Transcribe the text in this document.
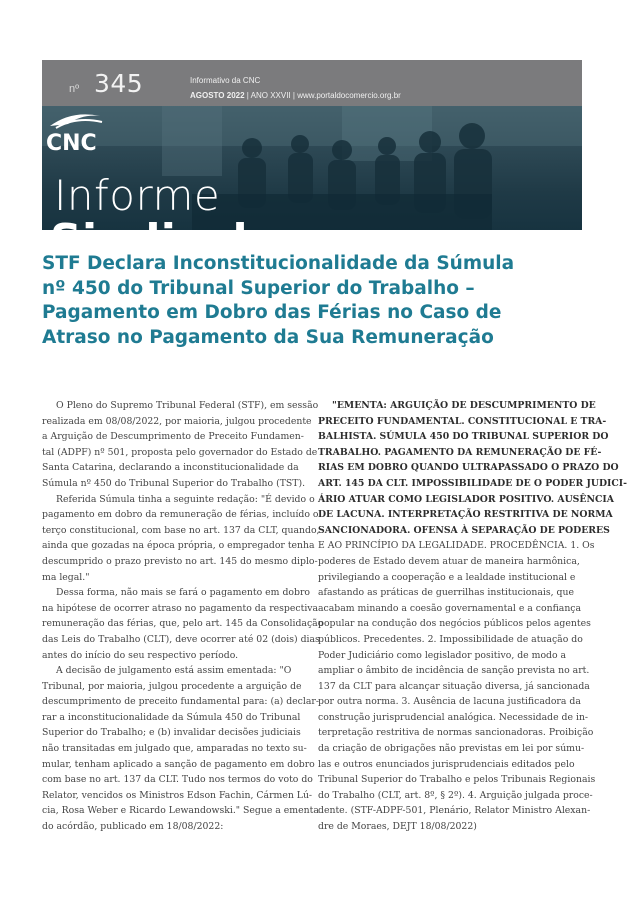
nº 345	Informativo da CNC
AGOSTO 2022 | ANO XXVII | www.portaldocomercio.org.br
Informe
Sindical
CNC
Sesc Senac
STF Declara Inconstitucionalidade da Súmula
nº 450 do Tribunal Superior do Trabalho –
Pagamento em Dobro das Férias no Caso de
Atraso no Pagamento da Sua Remuneração
O Pleno do Supremo Tribunal Federal (STF), em sessão
realizada em 08/08/2022, por maioria, julgou procedente
a Arguição de Descumprimento de Preceito Fundamen-
tal (ADPF) nº 501, proposta pelo governador do Estado de
Santa Catarina, declarando a inconstitucionalidade da
Súmula nº 450 do Tribunal Superior do Trabalho (TST).
Referida Súmula tinha a seguinte redação: "É devido o
pagamento em dobro da remuneração de férias, incluído o
terço constitucional, com base no art. 137 da CLT, quando,
ainda que gozadas na época própria, o empregador tenha
descumprido o prazo previsto no art. 145 do mesmo diplo-
ma legal."
Dessa forma, não mais se fará o pagamento em dobro
na hipótese de ocorrer atraso no pagamento da respectiva
remuneração das férias, que, pelo art. 145 da Consolidação
das Leis do Trabalho (CLT), deve ocorrer até 02 (dois) dias
antes do início do seu respectivo período.
A decisão de julgamento está assim ementada: "O
Tribunal, por maioria, julgou procedente a arguição de
descumprimento de preceito fundamental para: (a) declar-
rar a inconstitucionalidade da Súmula 450 do Tribunal
Superior do Trabalho; e (b) invalidar decisões judiciais
não transitadas em julgado que, amparadas no texto su-
mular, tenham aplicado a sanção de pagamento em dobro
com base no art. 137 da CLT. Tudo nos termos do voto do
Relator, vencidos os Ministros Edson Fachin, Cármen Lú-
cia, Rosa Weber e Ricardo Lewandowski." Segue a ementa
do acórdão, publicado em 18/08/2022:
"EMENTA: ARGUIÇÃO DE DESCUMPRIMENTO DE
PRECEITO FUNDAMENTAL. CONSTITUCIONAL E TRA-
BALHISTA. SÚMULA 450 DO TRIBUNAL SUPERIOR DO
TRABALHO. PAGAMENTO DA REMUNERAÇÃO DE FÉ-
RIAS EM DOBRO QUANDO ULTRAPASSADO O PRAZO DO
ART. 145 DA CLT. IMPOSSIBILIDADE DE O PODER JUDICI-
ÁRIO ATUAR COMO LEGISLADOR POSITIVO. AUSÊNCIA
DE LACUNA. INTERPRETAÇÃO RESTRITIVA DE NORMA
SANCIONADORA. OFENSA À SEPARAÇÃO DE PODERES
E AO PRINCÍPIO DA LEGALIDADE. PROCEDÊNCIA. 1. Os
poderes de Estado devem atuar de maneira harmônica,
privilegiando a cooperação e a lealdade institucional e
afastando as práticas de guerrilhas institucionais, que
acabam minando a coesão governamental e a confiança
popular na condução dos negócios públicos pelos agentes
públicos. Precedentes. 2. Impossibilidade de atuação do
Poder Judiciário como legislador positivo, de modo a
ampliar o âmbito de incidência de sanção prevista no art.
137 da CLT para alcançar situação diversa, já sancionada
por outra norma. 3. Ausência de lacuna justificadora da
construção jurisprudencial analógica. Necessidade de in-
terpretação restritiva de normas sancionadoras. Proibição
da criação de obrigações não previstas em lei por súmu-
las e outros enunciados jurisprudenciais editados pelo
Tribunal Superior do Trabalho e pelos Tribunais Regionais
do Trabalho (CLT, art. 8º, § 2º). 4. Arguição julgada proce-
dente. (STF-ADPF-501, Plenário, Relator Ministro Alexan-
dre de Moraes, DEJT 18/08/2022)
